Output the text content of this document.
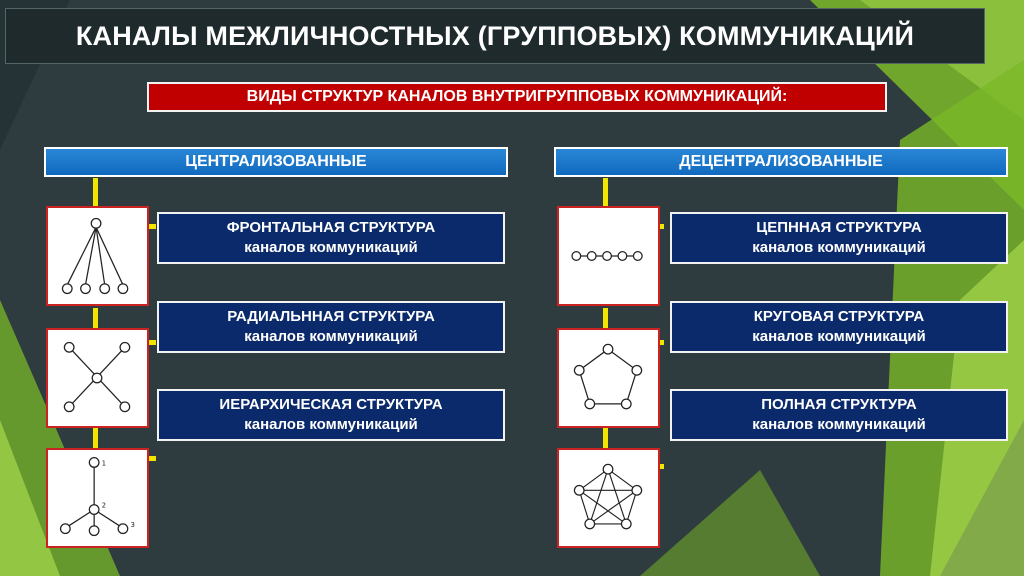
КАНАЛЫ МЕЖЛИЧНОСТНЫХ (ГРУППОВЫХ) КОММУНИКАЦИЙ
ВИДЫ СТРУКТУР КАНАЛОВ ВНУТРИГРУППОВЫХ КОММУНИКАЦИЙ:
ЦЕНТРАЛИЗОВАННЫЕ	ДЕЦЕНТРАЛИЗОВАННЫЕ
1
2
3
ФРОНТАЛЬНАЯ СТРУКТУРА
каналов коммуникаций
РАДИАЛЬННАЯ СТРУКТУРА
каналов коммуникаций
ИЕРАРХИЧЕСКАЯ СТРУКТУРА
каналов коммуникаций
ЦЕПННАЯ СТРУКТУРА
каналов коммуникаций
КРУГОВАЯ СТРУКТУРА
каналов коммуникаций
ПОЛНАЯ СТРУКТУРА
каналов коммуникаций
